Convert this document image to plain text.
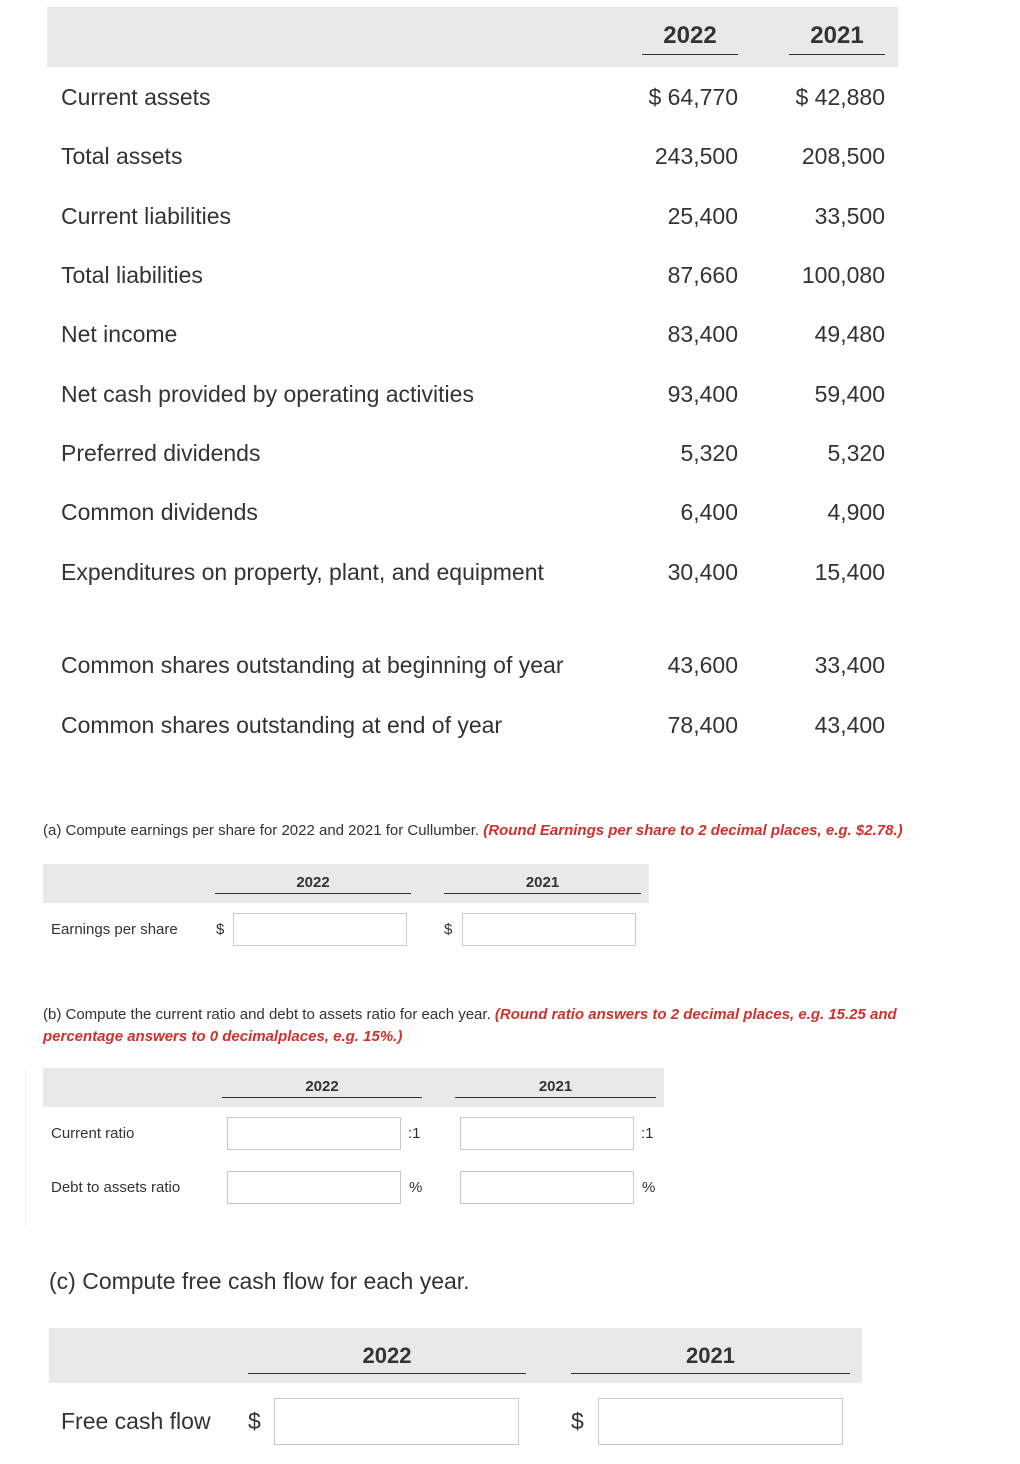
2022	2021
Current assets	$ 64,770	$ 42,880
Total assets	243,500	208,500
Current liabilities	25,400	33,500
Total liabilities	87,660	100,080
Net income	83,400	49,480
Net cash provided by operating activities	93,400	59,400
Preferred dividends	5,320	5,320
Common dividends	6,400	4,900
Expenditures on property, plant, and equipment	30,400	15,400
Common shares outstanding at beginning of year	43,600	33,400
Common shares outstanding at end of year	78,400	43,400
(a) Compute earnings per share for 2022 and 2021 for Cullumber. (Round Earnings per share to 2 decimal places, e.g. $2.78.)
2022	2021
Earnings per share	$	$
(b) Compute the current ratio and debt to assets ratio for each year. (Round ratio answers to 2 decimal places, e.g. 15.25 and
percentage answers to 0 decimalplaces, e.g. 15%.)
2022	2021
Current ratio	:1	:1
Debt to assets ratio	%	%
(c) Compute free cash flow for each year.
2022	2021
Free cash flow $	$
